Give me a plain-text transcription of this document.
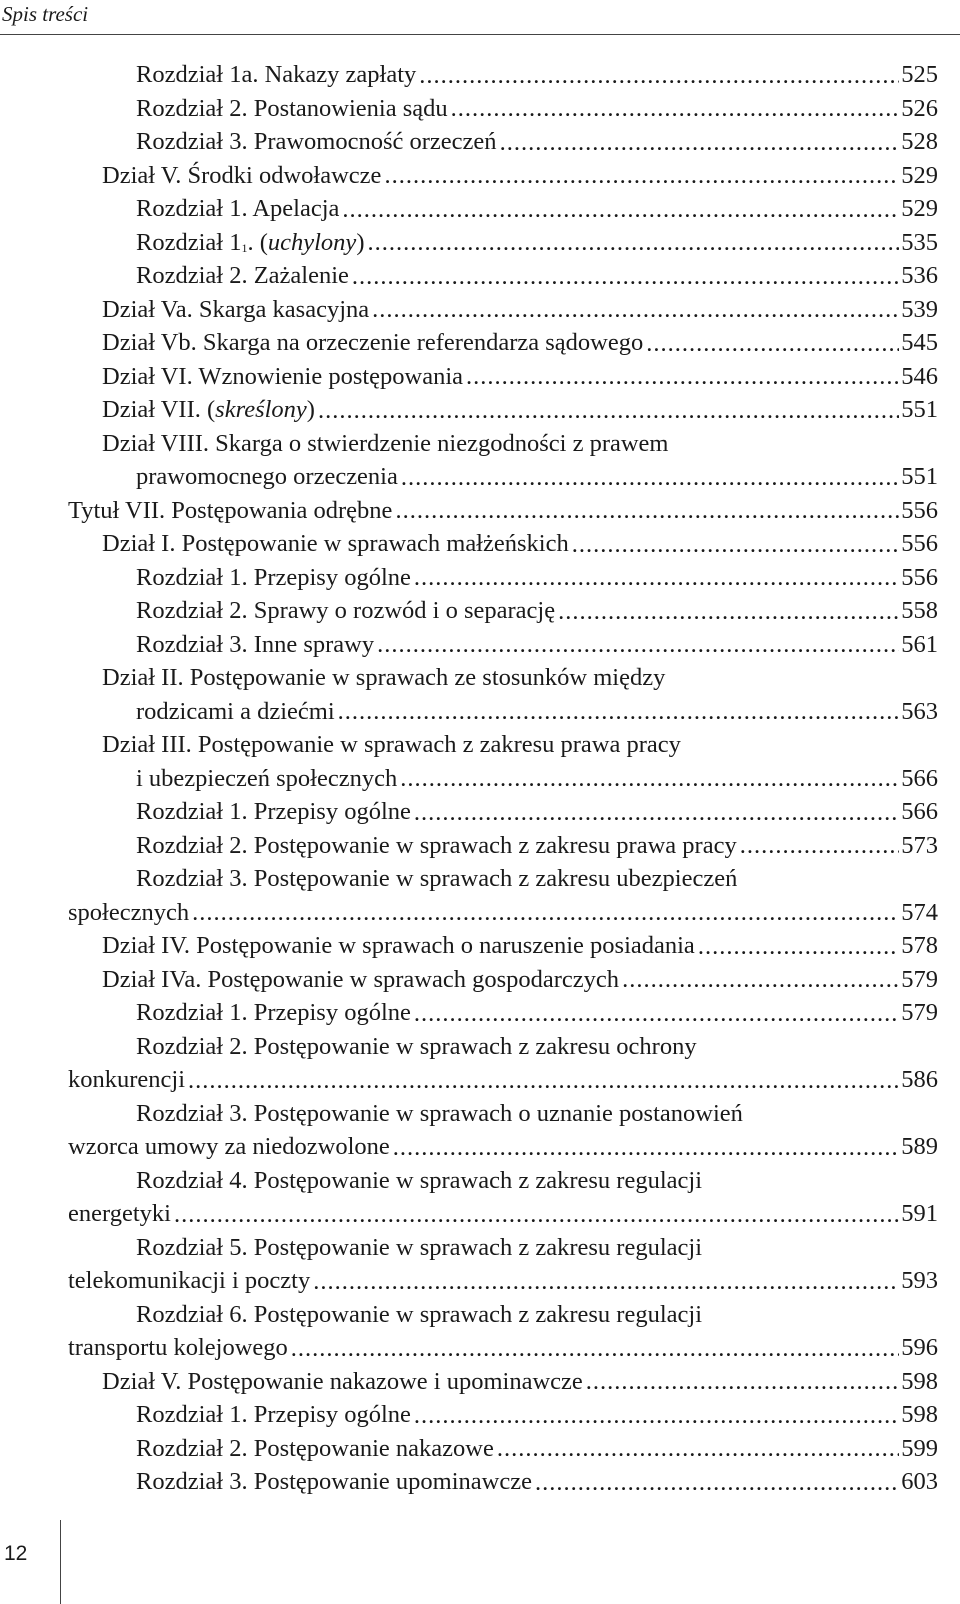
Spis treści
Rozdział 1a. Nakazy zapłaty .....	525
Rozdział 2. Postanowienia sądu .....	526
Rozdział 3. Prawomocność orzeczeń .....	528
Dział V. Środki odwoławcze .....	529
Rozdział 1. Apelacja .....	529
Rozdział $1^1$. (uchylony) .....	535
Rozdział 2. Zażalenie .....	536
Dział Va. Skarga kasacyjna .....	539
Dział Vb. Skarga na orzeczenie referendarza sądowego .....	545
Dział VI. Wznowienie postępowania .....	546
Dział VII. (skreślony) .....	551
Dział VIII. Skarga o stwierdzenie niezgodności z prawem
prawomocnego orzeczenia .....	551
Tytuł VII. Postępowania odrębne .....	556
Dział I. Postępowanie w sprawach małżeńskich .....	556
Rozdział 1. Przepisy ogólne .....	556
Rozdział 2. Sprawy o rozwód i o separację .....	558
Rozdział 3. Inne sprawy .....	561
Dział II. Postępowanie w sprawach ze stosunków między
rodzicami a dziećmi .....	563
Dział III. Postępowanie w sprawach z zakresu prawa pracy
i ubezpieczeń społecznych .....	566
Rozdział 1. Przepisy ogólne .....	566
Rozdział 2. Postępowanie w sprawach z zakresu prawa pracy .....	573
Rozdział 3. Postępowanie w sprawach z zakresu ubezpieczeń
społecznych .....	574
Dział IV. Postępowanie w sprawach o naruszenie posiadania .....	578
Dział IVa. Postępowanie w sprawach gospodarczych .....	579
Rozdział 1. Przepisy ogólne .....	579
Rozdział 2. Postępowanie w sprawach z zakresu ochrony
konkurencji .....	586
Rozdział 3. Postępowanie w sprawach o uznanie postanowień
wzorca umowy za niedozwolone .....	589
Rozdział 4. Postępowanie w sprawach z zakresu regulacji
energetyki .....	591
Rozdział 5. Postępowanie w sprawach z zakresu regulacji
telekomunikacji i poczty .....	593
Rozdział 6. Postępowanie w sprawach z zakresu regulacji
transportu kolejowego .....	596
Dział V. Postępowanie nakazowe i upominawcze .....	598
Rozdział 1. Przepisy ogólne .....	598
Rozdział 2. Postępowanie nakazowe .....	599
Rozdział 3. Postępowanie upominawcze .....	603
12
